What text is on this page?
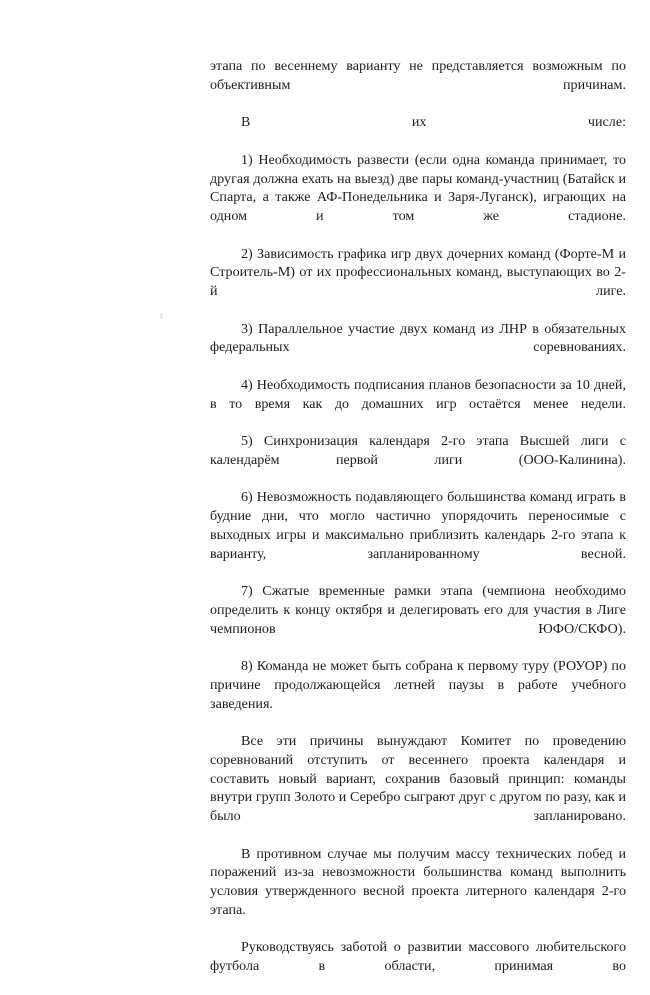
этапа по весеннему варианту не представляется возможным по объективным причинам.

В их числе:

1) Необходимость развести (если одна команда принимает, то другая должна ехать на выезд) две пары команд-участниц (Батайск и Спарта, а также АФ-Понедельника и Заря-Луганск), играющих на одном и том же стадионе.

2) Зависимость графика игр двух дочерних команд (Форте-М и Строитель-М) от их профессиональных команд, выступающих во 2-й лиге.

3) Параллельное участие двух команд из ЛНР в обязательных федеральных соревнованиях.

4) Необходимость подписания планов безопасности за 10 дней, в то время как до домашних игр остаётся менее недели.

5) Синхронизация календаря 2-го этапа Высшей лиги с календарём первой лиги (ООО-Калинина).

6) Невозможность подавляющего большинства команд играть в будние дни, что могло частично упорядочить переносимые с выходных игры и максимально приблизить календарь 2-го этапа к варианту, запланированному весной.

7) Сжатые временные рамки этапа (чемпиона необходимо определить к концу октября и делегировать его для участия в Лиге чемпионов ЮФО/СКФО).

8) Команда не может быть собрана к первому туру (РОУОР) по причине продолжающейся летней паузы в работе учебного заведения.

Все эти причины вынуждают Комитет по проведению соревнований отступить от весеннего проекта календаря и составить новый вариант, сохранив базовый принцип: команды внутри групп Золото и Серебро сыграют друг с другом по разу, как и было запланировано.

В противном случае мы получим массу технических побед и поражений из-за невозможности большинства команд выполнить условия утвержденного весной проекта литерного календаря 2-го этапа.

Руководствуясь заботой о развитии массового любительского футбола в области, принимая во
